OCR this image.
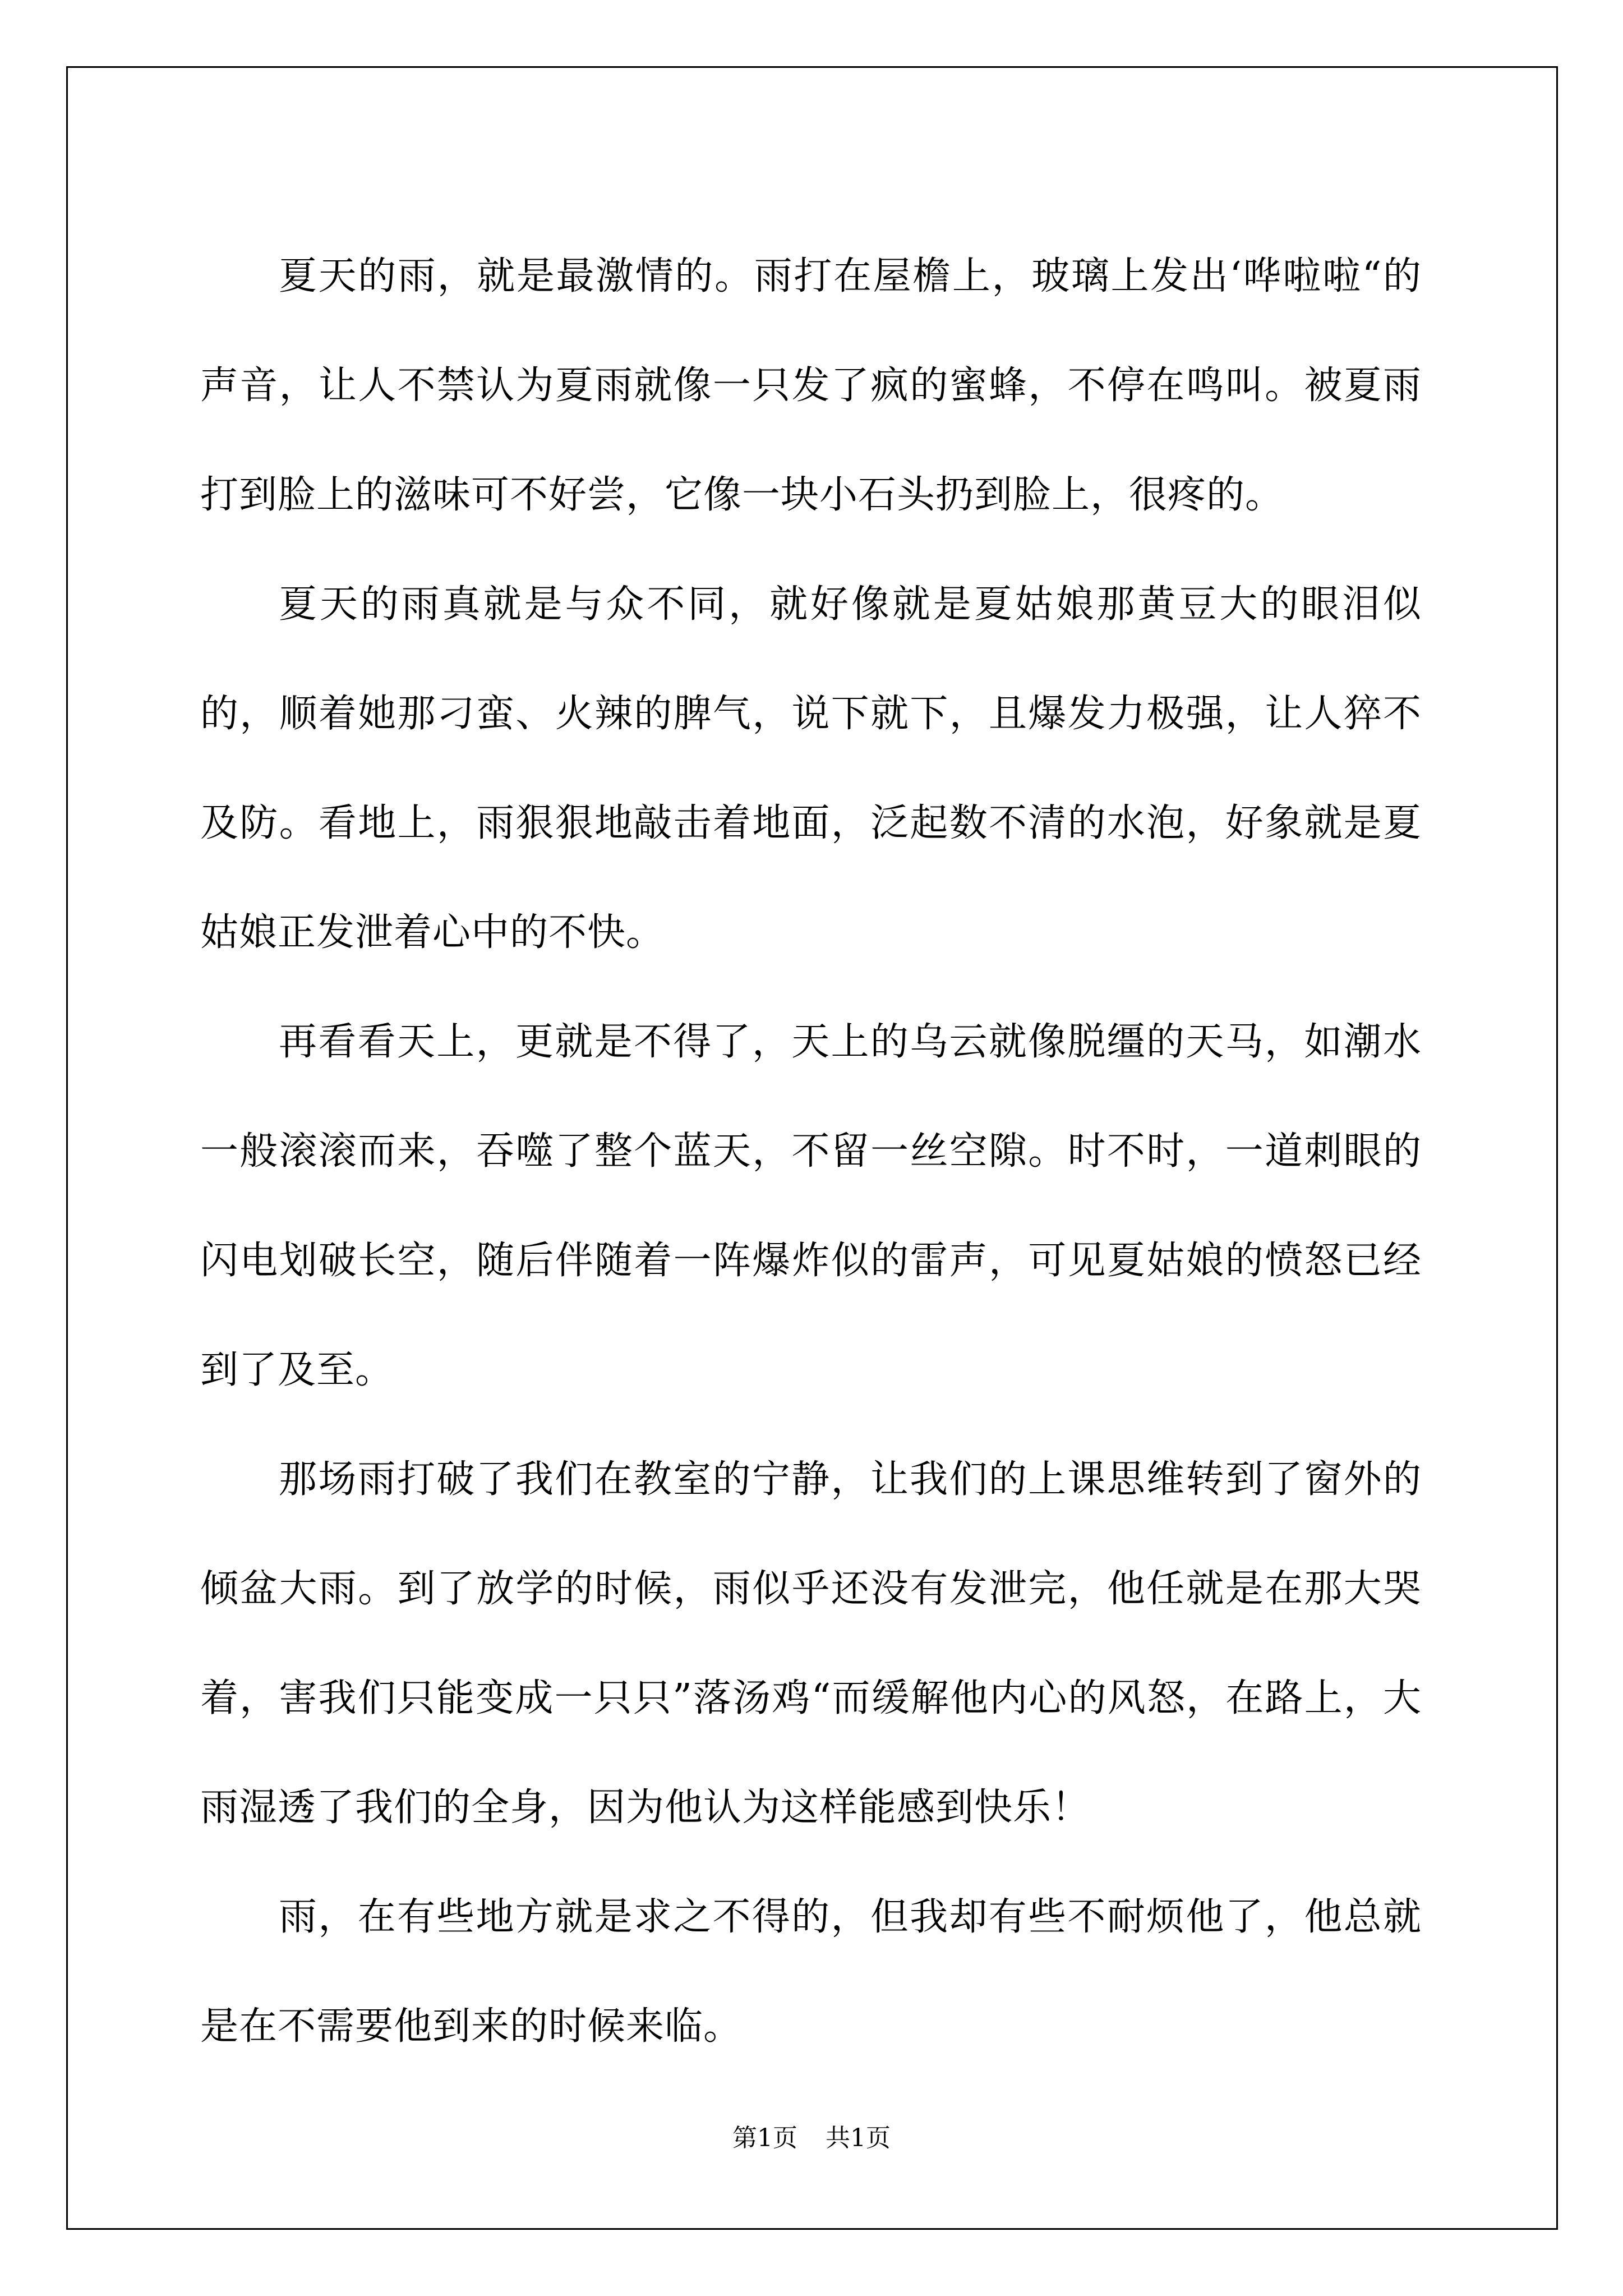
夏天的雨，就是最激情的。雨打在屋檐上，玻璃上发出‘哗啦啦“的声音，让人不禁认为夏雨就像一只发了疯的蜜蜂，不停在鸣叫。被夏雨打到脸上的滋味可不好尝，它像一块小石头扔到脸上，很疼的。

夏天的雨真就是与众不同，就好像就是夏姑娘那黄豆大的眼泪似的，顺着她那刁蛮、火辣的脾气，说下就下，且爆发力极强，让人猝不及防。看地上，雨狠狠地敲击着地面，泛起数不清的水泡，好象就是夏姑娘正发泄着心中的不快。

再看看天上，更就是不得了，天上的乌云就像脱缰的天马，如潮水一般滚滚而来，吞噬了整个蓝天，不留一丝空隙。时不时，一道刺眼的闪电划破长空，随后伴随着一阵爆炸似的雷声，可见夏姑娘的愤怒已经到了及至。

那场雨打破了我们在教室的宁静，让我们的上课思维转到了窗外的倾盆大雨。到了放学的时候，雨似乎还没有发泄完，他任就是在那大哭着，害我们只能变成一只只”落汤鸡“而缓解他内心的风怒，在路上，大雨湿透了我们的全身，因为他认为这样能感到快乐！

雨，在有些地方就是求之不得的，但我却有些不耐烦他了，他总就是在不需要他到来的时候来临。

第1页 共1页
